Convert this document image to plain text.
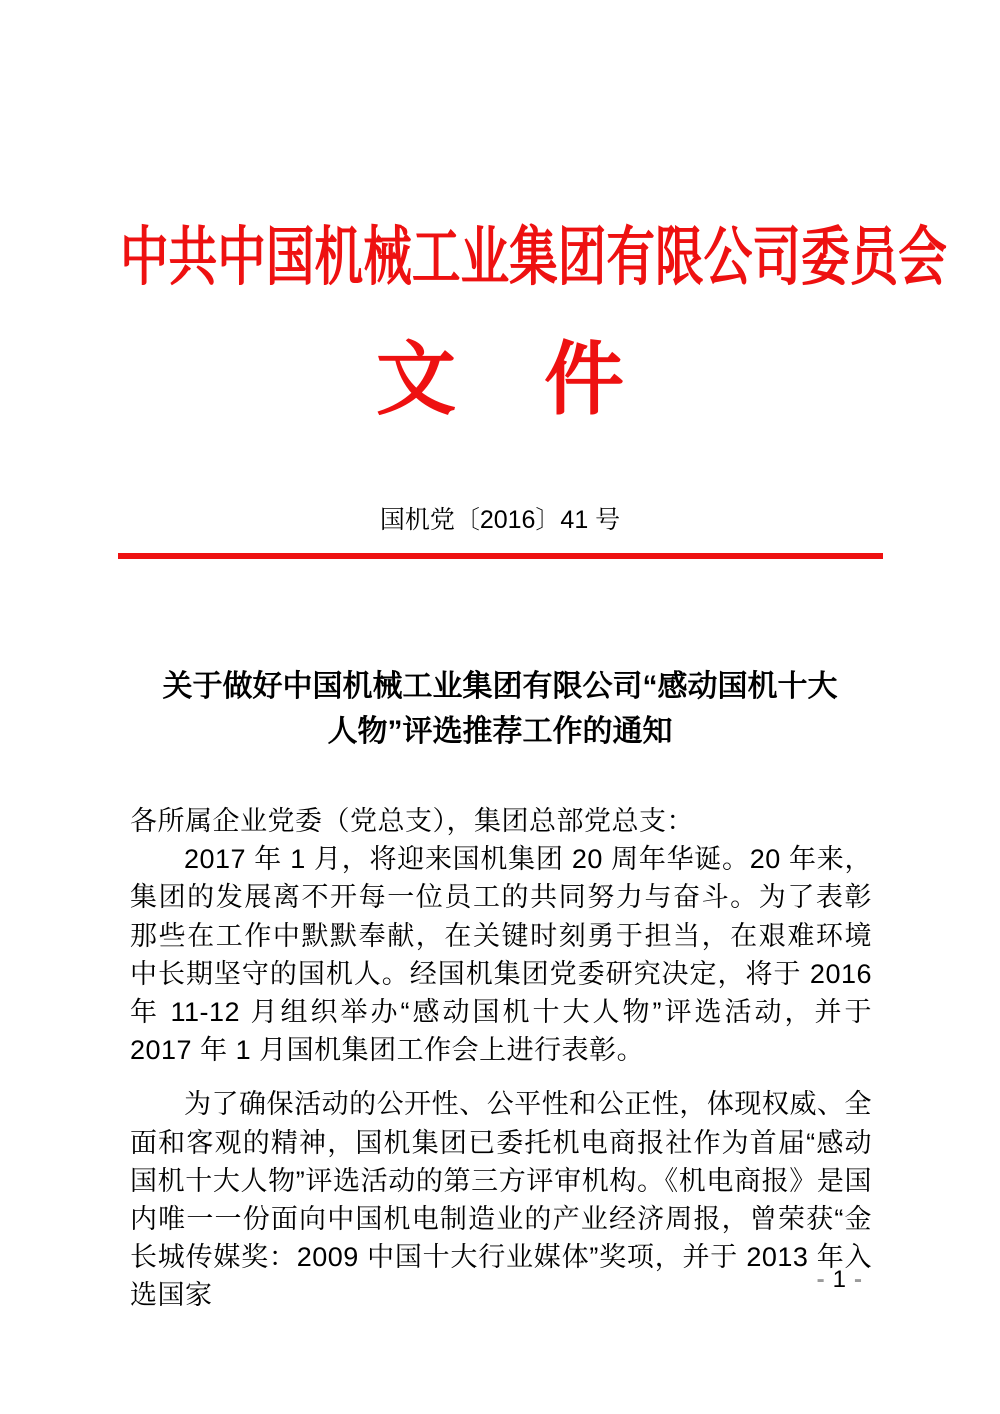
中共中国机械工业集团有限公司委员会
文 件
国机党〔2016〕41 号
关于做好中国机械工业集团有限公司“感动国机十大
人物”评选推荐工作的通知

各所属企业党委（党总支），集团总部党总支：

2017 年 1 月，将迎来国机集团 20 周年华诞。20 年来，集团的发展离不开每一位员工的共同努力与奋斗。为了表彰那些在工作中默默奉献，在关键时刻勇于担当，在艰难环境中长期坚守的国机人。经国机集团党委研究决定，将于 2016 年 11-12 月组织举办“感动国机十大人物”评选活动，并于 2017 年 1 月国机集团工作会上进行表彰。

为了确保活动的公开性、公平性和公正性，体现权威、全面和客观的精神，国机集团已委托机电商报社作为首届“感动国机十大人物”评选活动的第三方评审机构。《机电商报》是国内唯一一份面向中国机电制造业的产业经济周报，曾荣获“金长城传媒奖：2009 中国十大行业媒体”奖项，并于 2013 年入选国家

- 1 -
